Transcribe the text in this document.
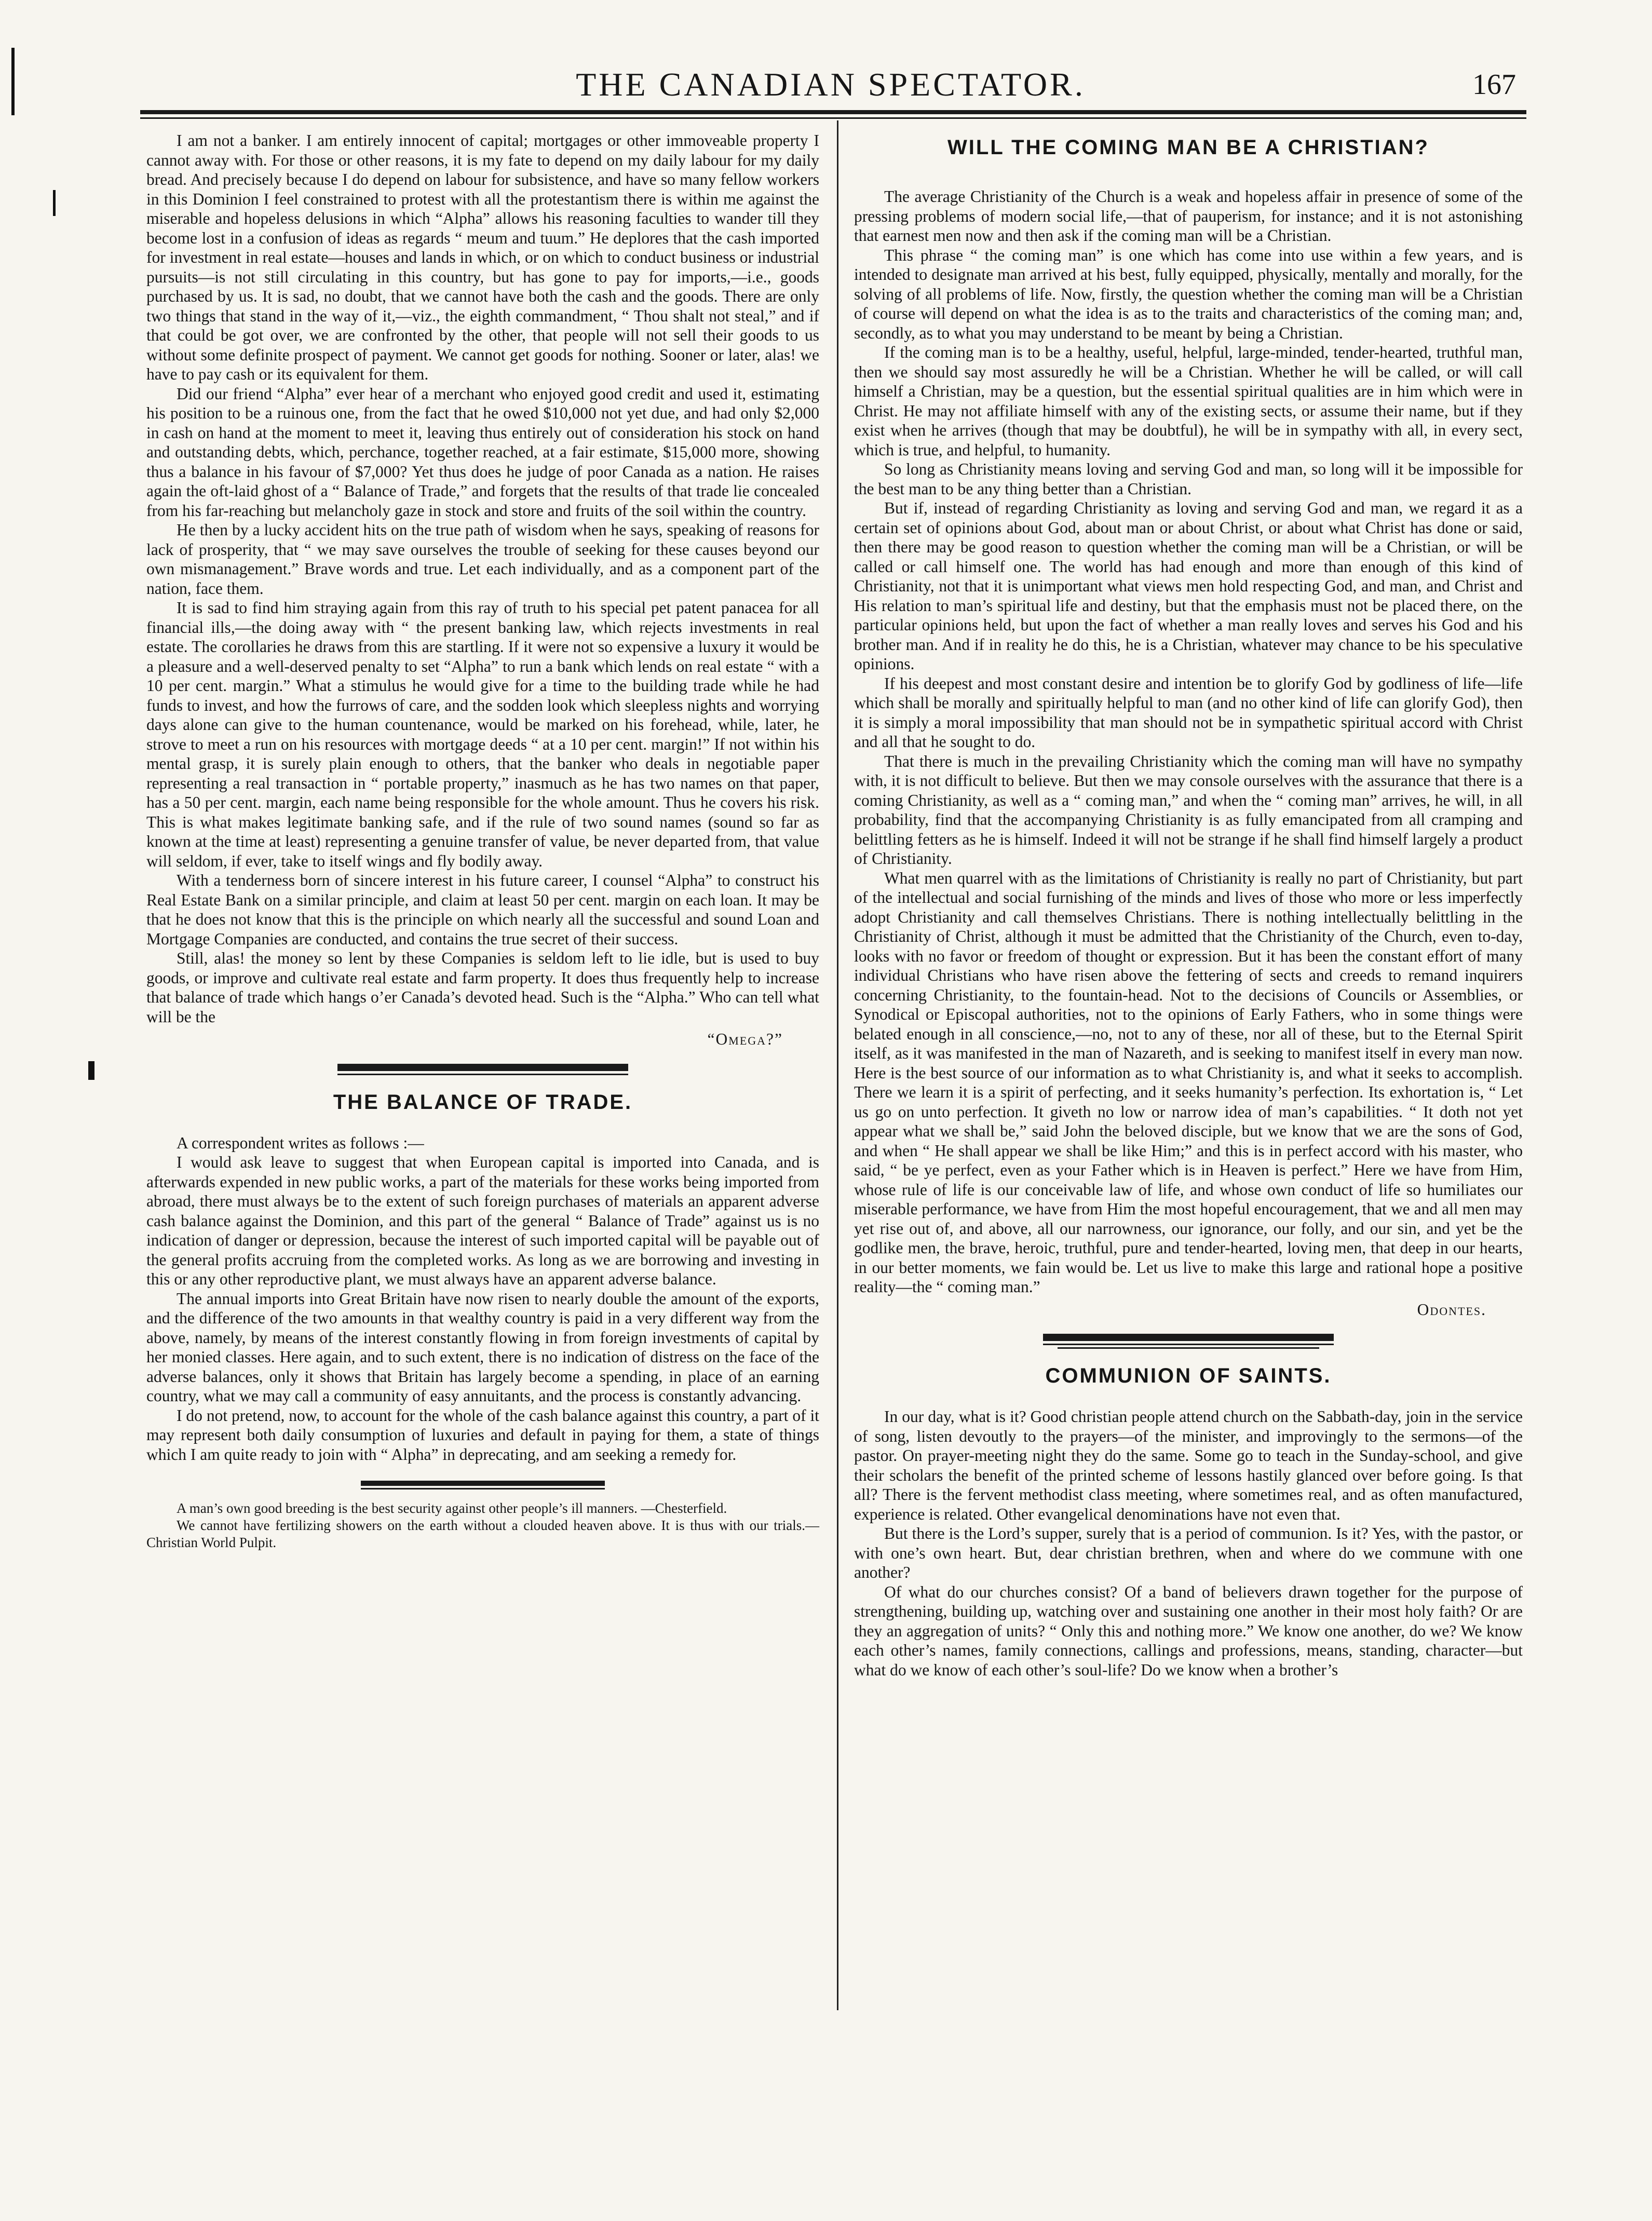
THE CANADIAN SPECTATOR.	167

I am not a banker. I am entirely innocent of capital; mortgages or other immoveable property I cannot away with. For those or other reasons, it is my fate to depend on my daily labour for my daily bread. And precisely because I do depend on labour for subsistence, and have so many fellow workers in this Dominion I feel constrained to protest with all the protestantism there is within me against the miserable and hopeless delusions in which “Alpha” allows his reasoning faculties to wander till they become lost in a confusion of ideas as regards “ meum and tuum.” He deplores that the cash imported for investment in real estate—houses and lands in which, or on which to conduct business or industrial pursuits—is not still circulating in this country, but has gone to pay for imports,—i.e., goods purchased by us. It is sad, no doubt, that we cannot have both the cash and the goods. There are only two things that stand in the way of it,—viz., the eighth commandment, “ Thou shalt not steal,” and if that could be got over, we are confronted by the other, that people will not sell their goods to us without some definite prospect of payment. We cannot get goods for nothing. Sooner or later, alas! we have to pay cash or its equivalent for them.

Did our friend “Alpha” ever hear of a merchant who enjoyed good credit and used it, estimating his position to be a ruinous one, from the fact that he owed $10,000 not yet due, and had only $2,000 in cash on hand at the moment to meet it, leaving thus entirely out of consideration his stock on hand and outstanding debts, which, perchance, together reached, at a fair estimate, $15,000 more, showing thus a balance in his favour of $7,000? Yet thus does he judge of poor Canada as a nation. He raises again the oft-laid ghost of a “ Balance of Trade,” and forgets that the results of that trade lie concealed from his far-reaching but melancholy gaze in stock and store and fruits of the soil within the country.

He then by a lucky accident hits on the true path of wisdom when he says, speaking of reasons for lack of prosperity, that “ we may save ourselves the trouble of seeking for these causes beyond our own mismanagement.” Brave words and true. Let each individually, and as a component part of the nation, face them.

It is sad to find him straying again from this ray of truth to his special pet patent panacea for all financial ills,—the doing away with “ the present banking law, which rejects investments in real estate. The corollaries he draws from this are startling. If it were not so expensive a luxury it would be a pleasure and a well-deserved penalty to set “Alpha” to run a bank which lends on real estate “ with a 10 per cent. margin.” What a stimulus he would give for a time to the building trade while he had funds to invest, and how the furrows of care, and the sodden look which sleepless nights and worrying days alone can give to the human countenance, would be marked on his forehead, while, later, he strove to meet a run on his resources with mortgage deeds “ at a 10 per cent. margin!” If not within his mental grasp, it is surely plain enough to others, that the banker who deals in negotiable paper representing a real transaction in “ portable property,” inasmuch as he has two names on that paper, has a 50 per cent. margin, each name being responsible for the whole amount. Thus he covers his risk. This is what makes legitimate banking safe, and if the rule of two sound names (sound so far as known at the time at least) representing a genuine transfer of value, be never departed from, that value will seldom, if ever, take to itself wings and fly bodily away.

With a tenderness born of sincere interest in his future career, I counsel “Alpha” to construct his Real Estate Bank on a similar principle, and claim at least 50 per cent. margin on each loan. It may be that he does not know that this is the principle on which nearly all the successful and sound Loan and Mortgage Companies are conducted, and contains the true secret of their success.

Still, alas! the money so lent by these Companies is seldom left to lie idle, but is used to buy goods, or improve and cultivate real estate and farm property. It does thus frequently help to increase that balance of trade which hangs o’er Canada’s devoted head. Such is the “Alpha.” Who can tell what will be the

“Omega?”

THE BALANCE OF TRADE.

A correspondent writes as follows :—

I would ask leave to suggest that when European capital is imported into Canada, and is afterwards expended in new public works, a part of the materials for these works being imported from abroad, there must always be to the extent of such foreign purchases of materials an apparent adverse cash balance against the Dominion, and this part of the general “ Balance of Trade” against us is no indication of danger or depression, because the interest of such imported capital will be payable out of the general profits accruing from the completed works. As long as we are borrowing and investing in this or any other reproductive plant, we must always have an apparent adverse balance.

The annual imports into Great Britain have now risen to nearly double the amount of the exports, and the difference of the two amounts in that wealthy country is paid in a very different way from the above, namely, by means of the interest constantly flowing in from foreign investments of capital by her monied classes. Here again, and to such extent, there is no indication of distress on the face of the adverse balances, only it shows that Britain has largely become a spending, in place of an earning country, what we may call a community of easy annuitants, and the process is constantly advancing.

I do not pretend, now, to account for the whole of the cash balance against this country, a part of it may represent both daily consumption of luxuries and default in paying for them, a state of things which I am quite ready to join with “ Alpha” in deprecating, and am seeking a remedy for.

A man’s own good breeding is the best security against other people’s ill manners. —Chesterfield.

We cannot have fertilizing showers on the earth without a clouded heaven above. It is thus with our trials.—Christian World Pulpit.

WILL THE COMING MAN BE A CHRISTIAN?

The average Christianity of the Church is a weak and hopeless affair in presence of some of the pressing problems of modern social life,—that of pauperism, for instance; and it is not astonishing that earnest men now and then ask if the coming man will be a Christian.

This phrase “ the coming man” is one which has come into use within a few years, and is intended to designate man arrived at his best, fully equipped, physically, mentally and morally, for the solving of all problems of life. Now, firstly, the question whether the coming man will be a Christian of course will depend on what the idea is as to the traits and characteristics of the coming man; and, secondly, as to what you may understand to be meant by being a Christian.

If the coming man is to be a healthy, useful, helpful, large-minded, tender-hearted, truthful man, then we should say most assuredly he will be a Christian. Whether he will be called, or will call himself a Christian, may be a question, but the essential spiritual qualities are in him which were in Christ. He may not affiliate himself with any of the existing sects, or assume their name, but if they exist when he arrives (though that may be doubtful), he will be in sympathy with all, in every sect, which is true, and helpful, to humanity.

So long as Christianity means loving and serving God and man, so long will it be impossible for the best man to be any thing better than a Christian.

But if, instead of regarding Christianity as loving and serving God and man, we regard it as a certain set of opinions about God, about man or about Christ, or about what Christ has done or said, then there may be good reason to question whether the coming man will be a Christian, or will be called or call himself one. The world has had enough and more than enough of this kind of Christianity, not that it is unimportant what views men hold respecting God, and man, and Christ and His relation to man’s spiritual life and destiny, but that the emphasis must not be placed there, on the particular opinions held, but upon the fact of whether a man really loves and serves his God and his brother man. And if in reality he do this, he is a Christian, whatever may chance to be his speculative opinions.

If his deepest and most constant desire and intention be to glorify God by godliness of life—life which shall be morally and spiritually helpful to man (and no other kind of life can glorify God), then it is simply a moral impossibility that man should not be in sympathetic spiritual accord with Christ and all that he sought to do.

That there is much in the prevailing Christianity which the coming man will have no sympathy with, it is not difficult to believe. But then we may console ourselves with the assurance that there is a coming Christianity, as well as a “ coming man,” and when the “ coming man” arrives, he will, in all probability, find that the accompanying Christianity is as fully emancipated from all cramping and belittling fetters as he is himself. Indeed it will not be strange if he shall find himself largely a product of Christianity.

What men quarrel with as the limitations of Christianity is really no part of Christianity, but part of the intellectual and social furnishing of the minds and lives of those who more or less imperfectly adopt Christianity and call themselves Christians. There is nothing intellectually belittling in the Christianity of Christ, although it must be admitted that the Christianity of the Church, even to-day, looks with no favor or freedom of thought or expression. But it has been the constant effort of many individual Christians who have risen above the fettering of sects and creeds to remand inquirers concerning Christianity, to the fountain-head. Not to the decisions of Councils or Assemblies, or Synodical or Episcopal authorities, not to the opinions of Early Fathers, who in some things were belated enough in all conscience,—no, not to any of these, nor all of these, but to the Eternal Spirit itself, as it was manifested in the man of Nazareth, and is seeking to manifest itself in every man now. Here is the best source of our information as to what Christianity is, and what it seeks to accomplish. There we learn it is a spirit of perfecting, and it seeks humanity’s perfection. Its exhortation is, “ Let us go on unto perfection. It giveth no low or narrow idea of man’s capabilities. “ It doth not yet appear what we shall be,” said John the beloved disciple, but we know that we are the sons of God, and when “ He shall appear we shall be like Him;” and this is in perfect accord with his master, who said, “ be ye perfect, even as your Father which is in Heaven is perfect.” Here we have from Him, whose rule of life is our conceivable law of life, and whose own conduct of life so humiliates our miserable performance, we have from Him the most hopeful encouragement, that we and all men may yet rise out of, and above, all our narrowness, our ignorance, our folly, and our sin, and yet be the godlike men, the brave, heroic, truthful, pure and tender-hearted, loving men, that deep in our hearts, in our better moments, we fain would be. Let us live to make this large and rational hope a positive reality—the “ coming man.”

Odontes.

COMMUNION OF SAINTS.

In our day, what is it? Good christian people attend church on the Sabbath-day, join in the service of song, listen devoutly to the prayers—of the minister, and improvingly to the sermons—of the pastor. On prayer-meeting night they do the same. Some go to teach in the Sunday-school, and give their scholars the benefit of the printed scheme of lessons hastily glanced over before going. Is that all? There is the fervent methodist class meeting, where sometimes real, and as often manufactured, experience is related. Other evangelical denominations have not even that.

But there is the Lord’s supper, surely that is a period of communion. Is it? Yes, with the pastor, or with one’s own heart. But, dear christian brethren, when and where do we commune with one another?

Of what do our churches consist? Of a band of believers drawn together for the purpose of strengthening, building up, watching over and sustaining one another in their most holy faith? Or are they an aggregation of units? “ Only this and nothing more.” We know one another, do we? We know each other’s names, family connections, callings and professions, means, standing, character—but what do we know of each other’s soul-life? Do we know when a brother’s
